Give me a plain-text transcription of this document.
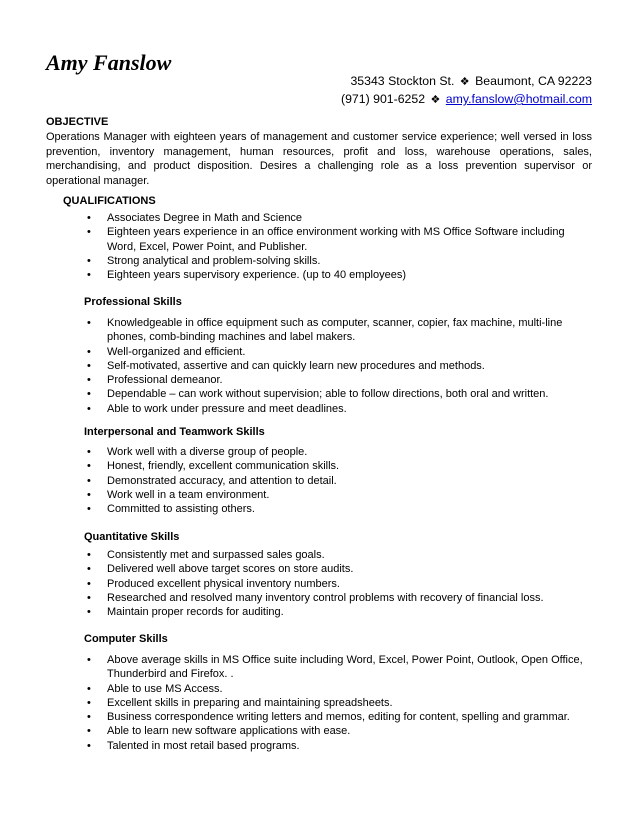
Amy Fanslow
35343 Stockton St. ❖ Beaumont, CA 92223
(971) 901-6252 ❖ amy.fanslow@hotmail.com
OBJECTIVE

Operations Manager with eighteen years of management and customer service experience; well versed in loss prevention, inventory management, human resources, profit and loss, warehouse operations, sales, merchandising, and product disposition. Desires a challenging role as a loss prevention supervisor or operational manager.

QUALIFICATIONS
• Associates Degree in Math and Science
• Eighteen years experience in an office environment working with MS Office Software including Word, Excel, Power Point, and Publisher.
• Strong analytical and problem-solving skills.
• Eighteen years supervisory experience. (up to 40 employees)
Professional Skills
• Knowledgeable in office equipment such as computer, scanner, copier, fax machine, multi-line phones, comb-binding machines and label makers.
• Well-organized and efficient.
• Self-motivated, assertive and can quickly learn new procedures and methods.
• Professional demeanor.
• Dependable – can work without supervision; able to follow directions, both oral and written.
• Able to work under pressure and meet deadlines.
Interpersonal and Teamwork Skills
• Work well with a diverse group of people.
• Honest, friendly, excellent communication skills.
• Demonstrated accuracy, and attention to detail.
• Work well in a team environment.
• Committed to assisting others.
Quantitative Skills
• Consistently met and surpassed sales goals.
• Delivered well above target scores on store audits.
• Produced excellent physical inventory numbers.
• Researched and resolved many inventory control problems with recovery of financial loss.
• Maintain proper records for auditing.
Computer Skills
• Above average skills in MS Office suite including Word, Excel, Power Point, Outlook, Open Office, Thunderbird and Firefox. .
• Able to use MS Access.
• Excellent skills in preparing and maintaining spreadsheets.
• Business correspondence writing letters and memos, editing for content, spelling and grammar.
• Able to learn new software applications with ease.
• Talented in most retail based programs.
